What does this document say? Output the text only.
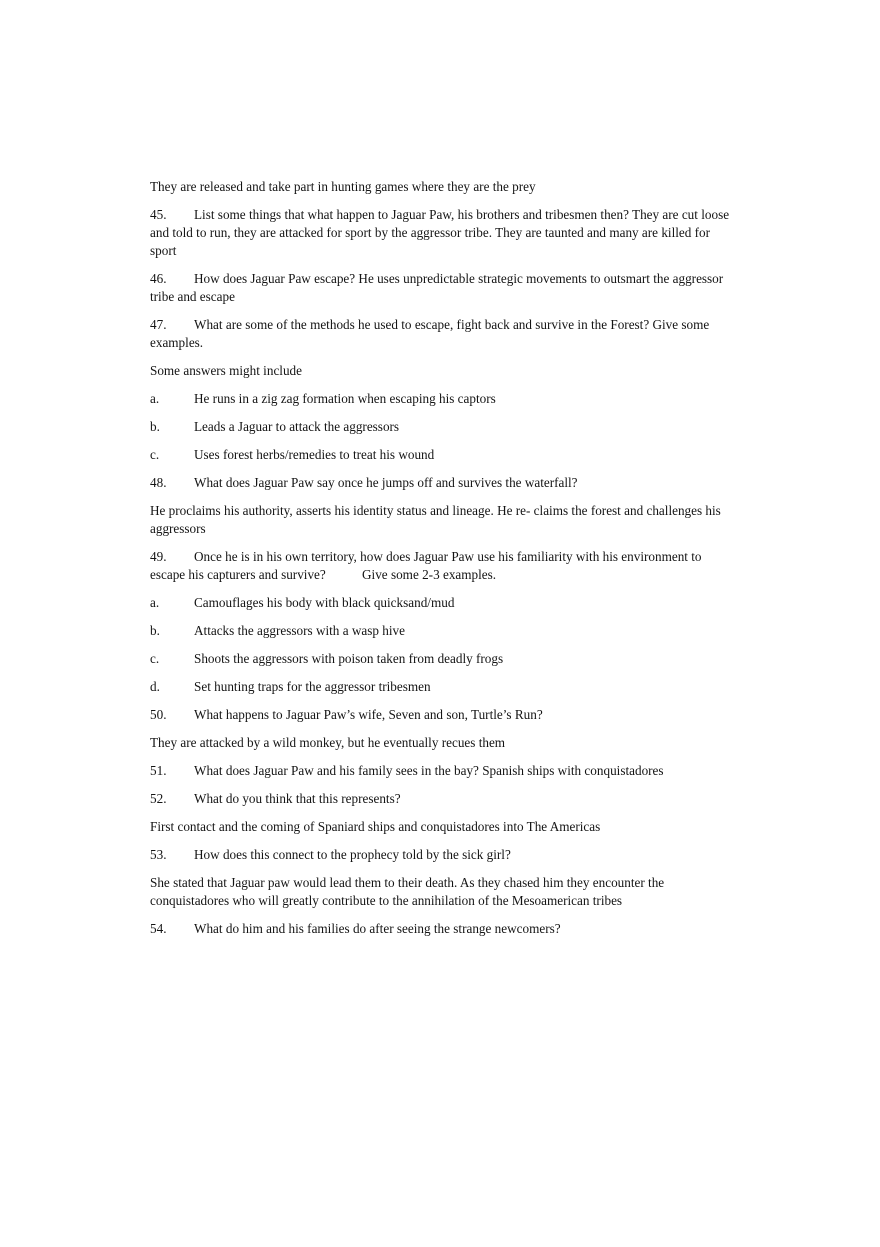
They are released and take part in hunting games where they are the prey

45. List some things that what happen to Jaguar Paw, his brothers and tribesmen then? They are cut loose and told to run, they are attacked for sport by the aggressor tribe. They are taunted and many are killed for sport

46. How does Jaguar Paw escape? He uses unpredictable strategic movements to outsmart the aggressor tribe and escape

47. What are some of the methods he used to escape, fight back and survive in the Forest? Give some examples.

Some answers might include

a.	He runs in a zig zag formation when escaping his captors

b.	Leads a Jaguar to attack the aggressors

c.	Uses forest herbs/remedies to treat his wound

48. What does Jaguar Paw say once he jumps off and survives the waterfall?

He proclaims his authority, asserts his identity status and lineage. He re- claims the forest and challenges his aggressors

49. Once he is in his own territory, how does Jaguar Paw use his familiarity with his environment to escape his capturers and survive?           Give some 2-3 examples.

a.	Camouflages his body with black quicksand/mud

b.	Attacks the aggressors with a wasp hive

c.	Shoots the aggressors with poison taken from deadly frogs

d.	Set hunting traps for the aggressor tribesmen

50. What happens to Jaguar Paw’s wife, Seven and son, Turtle’s Run?

They are attacked by a wild monkey, but he eventually recues them

51. What does Jaguar Paw and his family sees in the bay? Spanish ships with conquistadores

52. What do you think that this represents?

First contact and the coming of Spaniard ships and conquistadores into The Americas

53. How does this connect to the prophecy told by the sick girl?

She stated that Jaguar paw would lead them to their death. As they chased him they encounter the conquistadores who will greatly contribute to the annihilation of the Mesoamerican tribes

54. What do him and his families do after seeing the strange newcomers?
